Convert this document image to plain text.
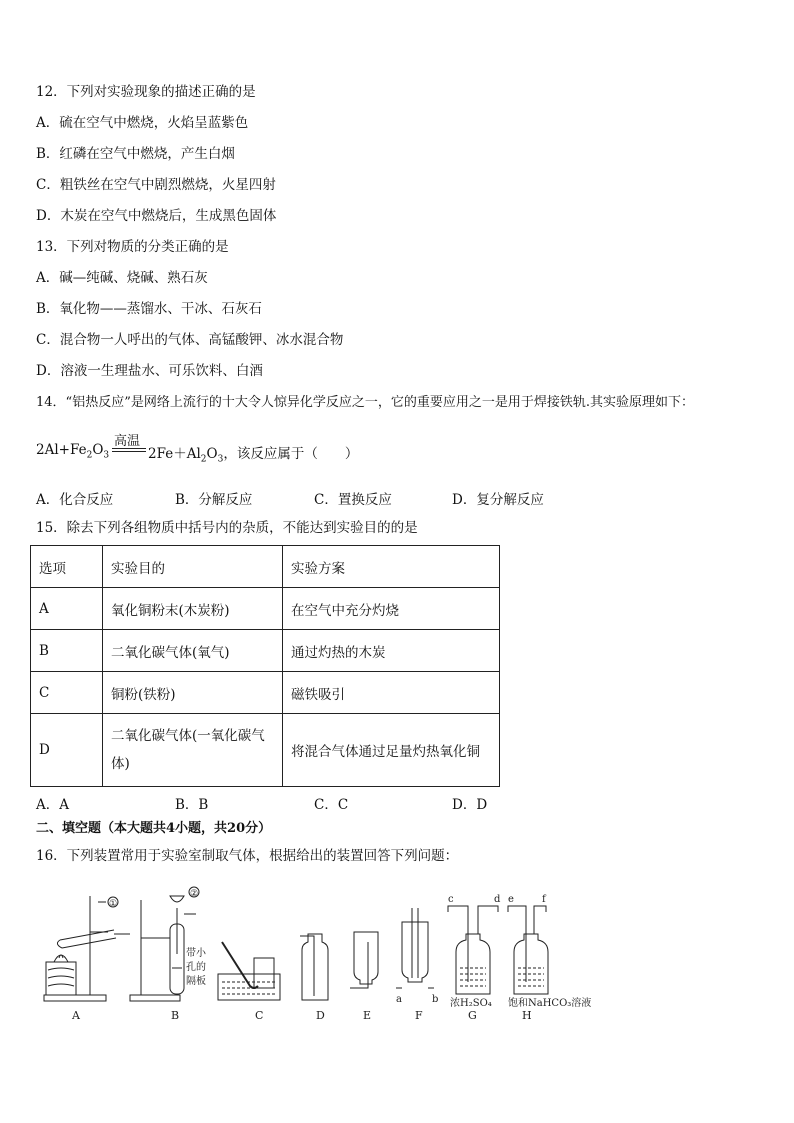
12．下列对实验现象的描述正确的是
A．硫在空气中燃烧，火焰呈蓝紫色
B．红磷在空气中燃烧，产生白烟
C．粗铁丝在空气中剧烈燃烧，火星四射
D．木炭在空气中燃烧后，生成黑色固体
13．下列对物质的分类正确的是
A．碱—纯碱、烧碱、熟石灰
B．氧化物——蒸馏水、干冰、石灰石
C．混合物一人呼出的气体、高锰酸钾、冰水混合物
D．溶液一生理盐水、可乐饮料、白酒
14．“铝热反应”是网络上流行的十大令人惊异化学反应之一，它的重要应用之一是用于焊接铁轨.其实验原理如下：
$2Al+Fe_2O_3$
高温
$2Fe+Al_2O_3$，该反应属于（　　）
A．化合反应	B．分解反应	C．置换反应	D．复分解反应
15．除去下列各组物质中括号内的杂质，不能达到实验目的的是
选项	实验目的	实验方案
A	氧化铜粉末(木炭粉)	在空气中充分灼烧
B	二氧化碳气体(氧气)	通过灼热的木炭
C	铜粉(铁粉)	磁铁吸引
D	二氧化碳气体(一氧化碳气体)	将混合气体通过足量灼热氧化铜
A．A	B．B	C．C	D．D
二、填空题（本大题共4小题，共20分）
16．下列装置常用于实验室制取气体，根据给出的装置回答下列问题：
①
A
②
带小
孔的
隔板
B	C	D	E
a	b
F
c	d
浓H₂SO₄
G
e	f
饱和NaHCO₃溶液
H
